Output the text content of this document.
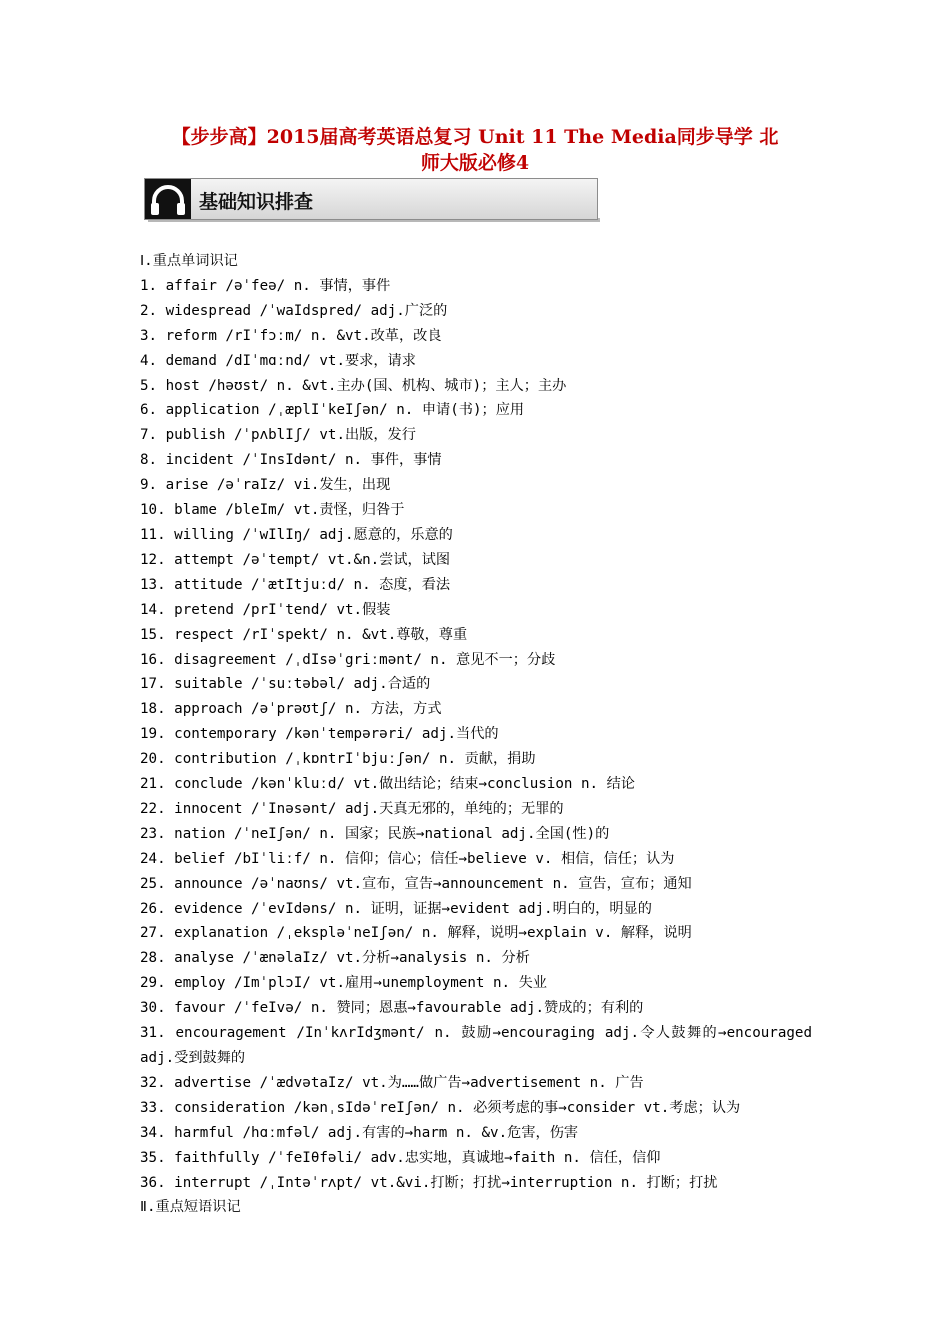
【步步高】2015届高考英语总复习 Unit 11 The Media同步导学 北
师大版必修4
基础知识排查
Ⅰ.重点单词识记
1. affair /əˈfeə/ n. 事情，事件
2. widespread /ˈwaIdspred/ adj.广泛的
3. reform /rIˈfɔːm/ n. &vt.改革，改良
4. demand /dIˈmɑːnd/ vt.要求，请求
5. host /həʊst/ n. &vt.主办(国、机构、城市)；主人；主办
6. application /ˌæplIˈkeIʃən/ n. 申请(书)；应用
7. publish /ˈpʌblIʃ/ vt.出版，发行
8. incident /ˈInsIdənt/ n. 事件，事情
9. arise /əˈraIz/ vi.发生，出现
10. blame /bleIm/ vt.责怪，归咎于
11. willing /ˈwIlIŋ/ adj.愿意的，乐意的
12. attempt /əˈtempt/ vt.&n.尝试，试图
13. attitude /ˈætItjuːd/ n. 态度，看法
14. pretend /prIˈtend/ vt.假装
15. respect /rIˈspekt/ n. &vt.尊敬，尊重
16. disagreement /ˌdIsəˈgriːmənt/ n. 意见不一；分歧
17. suitable /ˈsuːtəbəl/ adj.合适的
18. approach /əˈprəʊtʃ/ n. 方法，方式
19. contemporary /kənˈtempərəri/ adj.当代的
20. contribution /ˌkɒntrIˈbjuːʃən/ n. 贡献，捐助
21. conclude /kənˈkluːd/ vt.做出结论；结束→conclusion n. 结论
22. innocent /ˈInəsənt/ adj.天真无邪的，单纯的；无罪的
23. nation /ˈneIʃən/ n. 国家；民族→national adj.全国(性)的
24. belief /bIˈliːf/ n. 信仰；信心；信任→believe v. 相信，信任；认为
25. announce /əˈnaʊns/ vt.宣布，宣告→announcement n. 宣告，宣布；通知
26. evidence /ˈevIdəns/ n. 证明，证据→evident adj.明白的，明显的
27. explanation /ˌekspləˈneIʃən/ n. 解释，说明→explain v. 解释，说明
28. analyse /ˈænəlaIz/ vt.分析→analysis n. 分析
29. employ /ImˈplɔI/ vt.雇用→unemployment n. 失业
30. favour /ˈfeIvə/ n. 赞同；恩惠→favourable adj.赞成的；有利的
31. encouragement /InˈkʌrIdʒmənt/ n. 鼓励→encouraging adj.令人鼓舞的→encouraged adj.受到鼓舞的
32. advertise /ˈædvətaIz/ vt.为……做广告→advertisement n. 广告
33. consideration /kənˌsIdəˈreIʃən/ n. 必须考虑的事→consider vt.考虑；认为
34. harmful /hɑːmfəl/ adj.有害的→harm n. &v.危害，伤害
35. faithfully /ˈfeIθfəli/ adv.忠实地，真诚地→faith n. 信任，信仰
36. interrupt /ˌIntəˈrʌpt/ vt.&vi.打断；打扰→interruption n. 打断；打扰
Ⅱ.重点短语识记
